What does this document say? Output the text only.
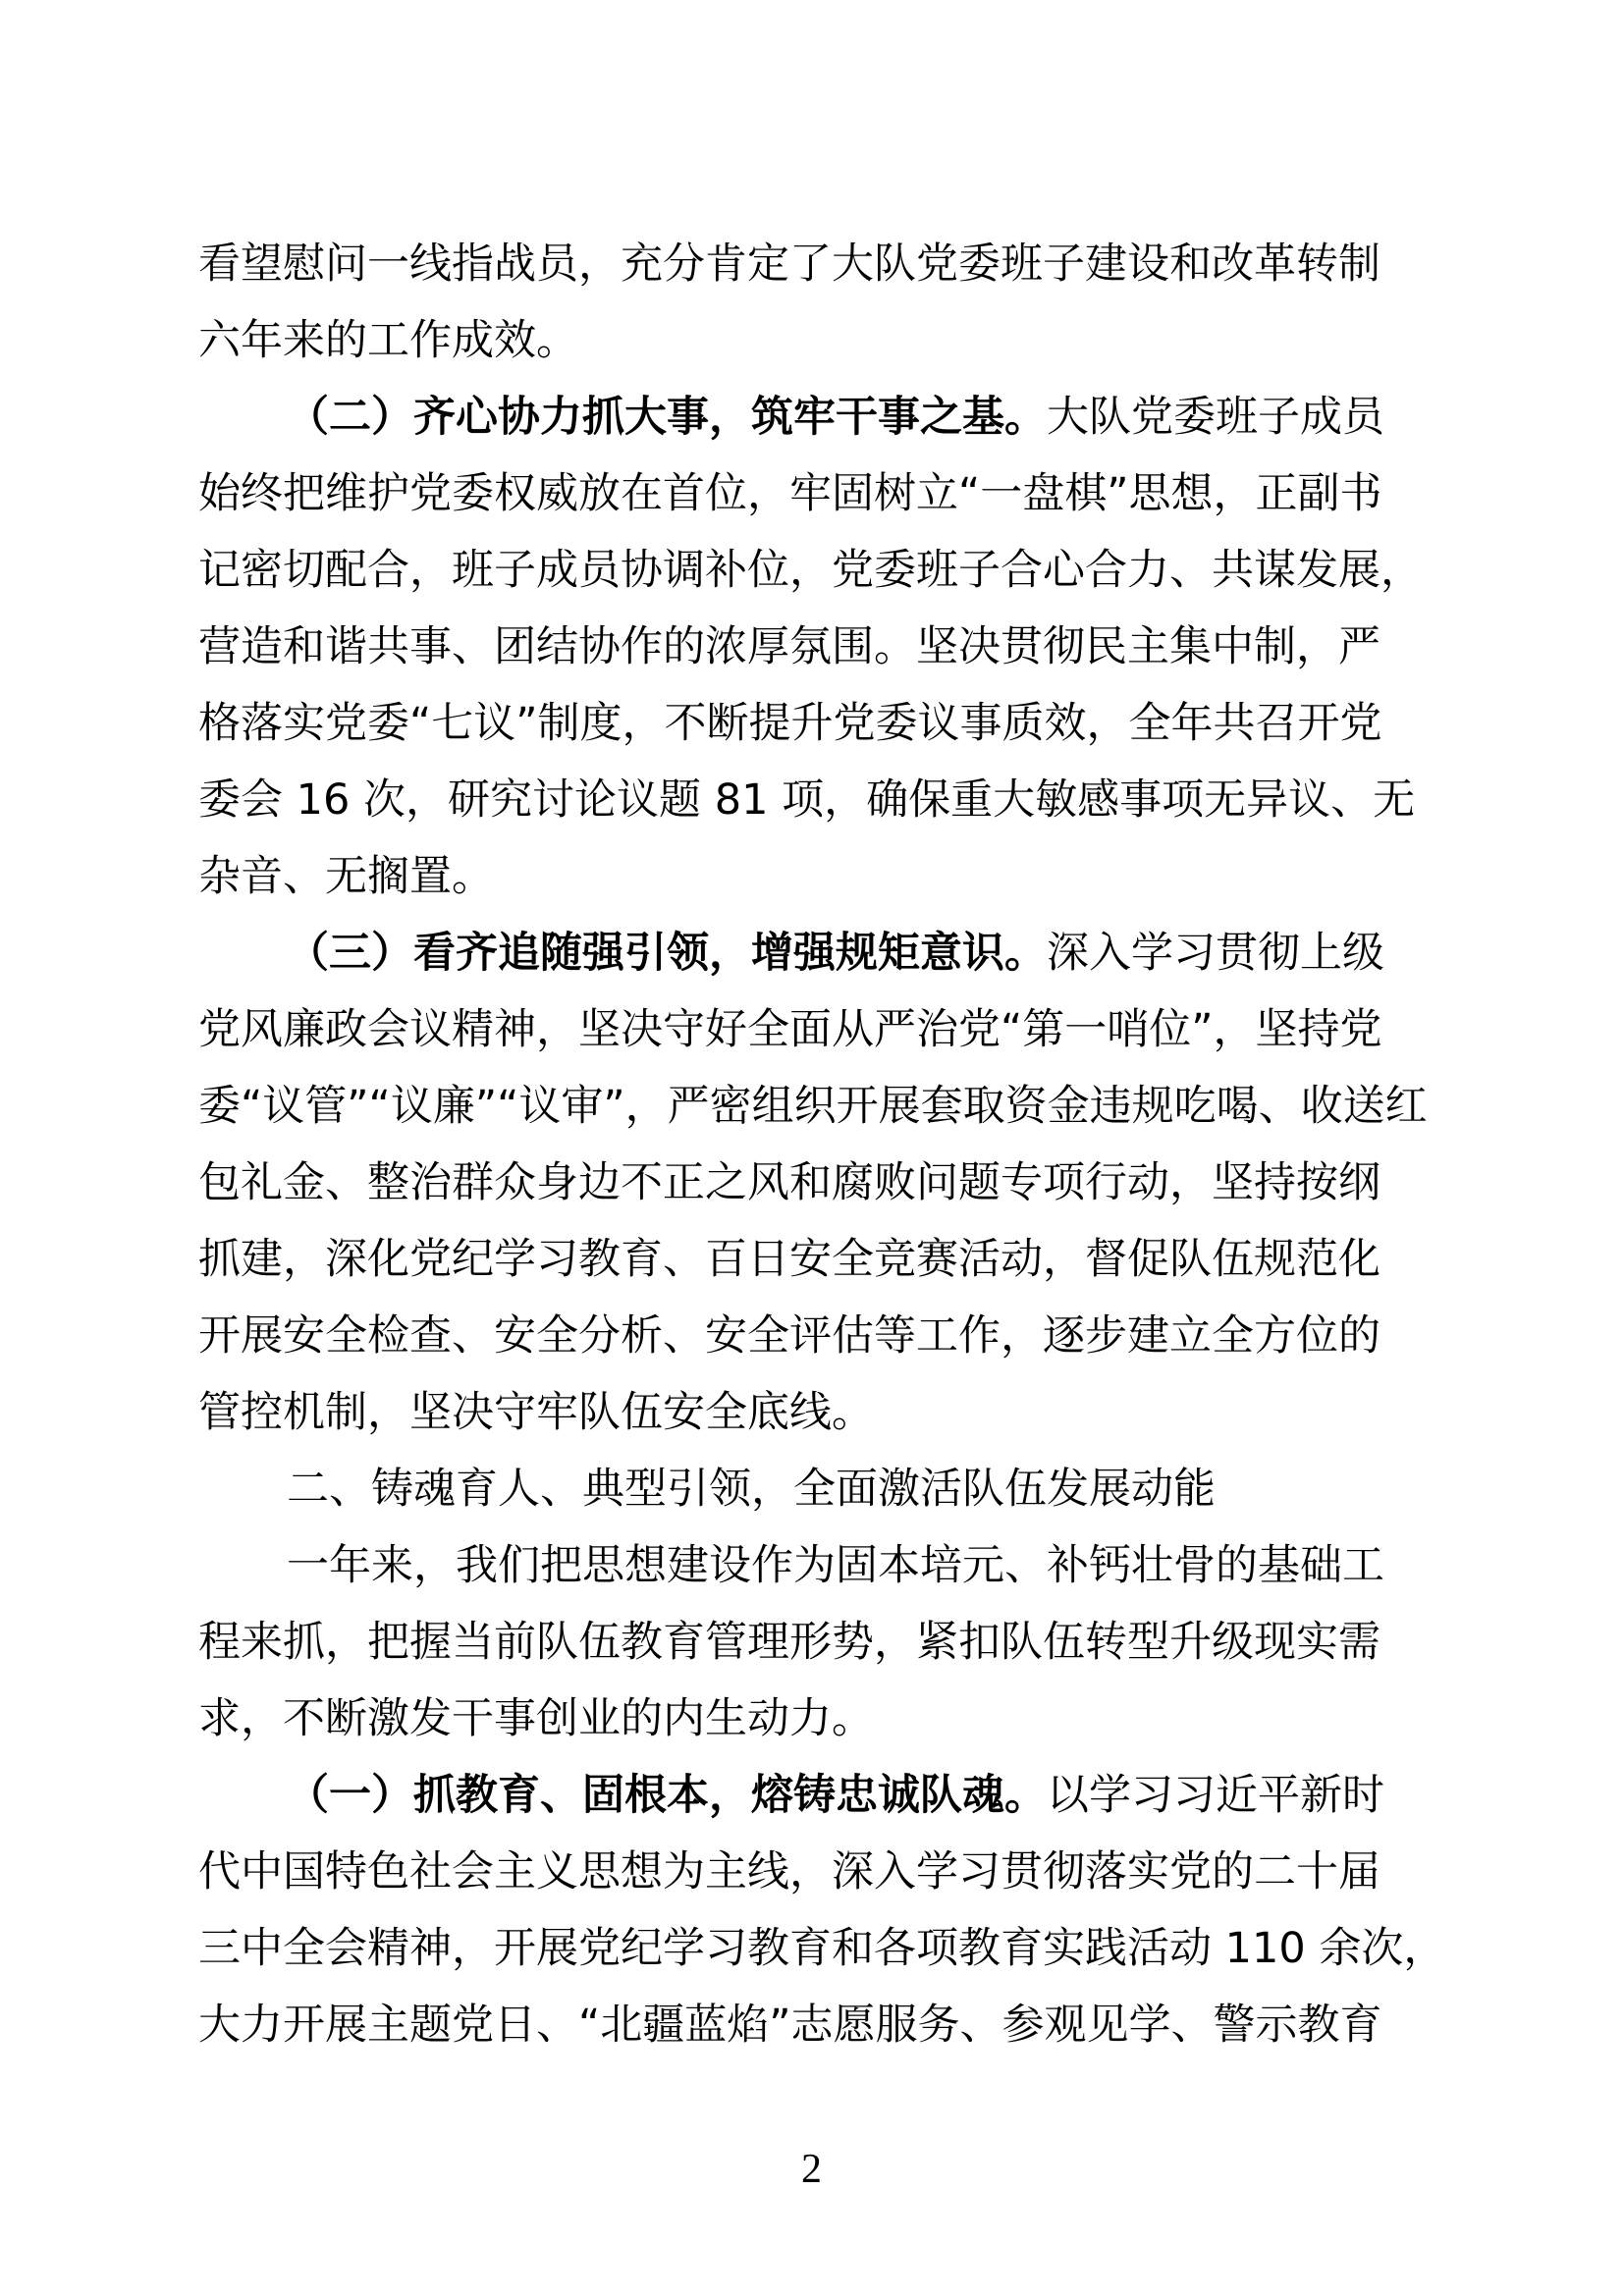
看望慰问一线指战员，充分肯定了大队党委班子建设和改革转制
六年来的工作成效。
（二）齐心协力抓大事，筑牢干事之基。大队党委班子成员
始终把维护党委权威放在首位，牢固树立“一盘棋”思想，正副书
记密切配合，班子成员协调补位，党委班子合心合力、共谋发展，
营造和谐共事、团结协作的浓厚氛围。坚决贯彻民主集中制，严
格落实党委“七议”制度，不断提升党委议事质效，全年共召开党
委会 16 次，研究讨论议题 81 项，确保重大敏感事项无异议、无
杂音、无搁置。
（三）看齐追随强引领，增强规矩意识。深入学习贯彻上级
党风廉政会议精神，坚决守好全面从严治党“第一哨位”，坚持党
委“议管”“议廉”“议审”，严密组织开展套取资金违规吃喝、收送红
包礼金、整治群众身边不正之风和腐败问题专项行动，坚持按纲
抓建，深化党纪学习教育、百日安全竞赛活动，督促队伍规范化
开展安全检查、安全分析、安全评估等工作，逐步建立全方位的
管控机制，坚决守牢队伍安全底线。
二、铸魂育人、典型引领，全面激活队伍发展动能
一年来，我们把思想建设作为固本培元、补钙壮骨的基础工
程来抓，把握当前队伍教育管理形势，紧扣队伍转型升级现实需
求，不断激发干事创业的内生动力。
（一）抓教育、固根本，熔铸忠诚队魂。以学习习近平新时
代中国特色社会主义思想为主线，深入学习贯彻落实党的二十届
三中全会精神，开展党纪学习教育和各项教育实践活动 110 余次，
大力开展主题党日、“北疆蓝焰”志愿服务、参观见学、警示教育
2
